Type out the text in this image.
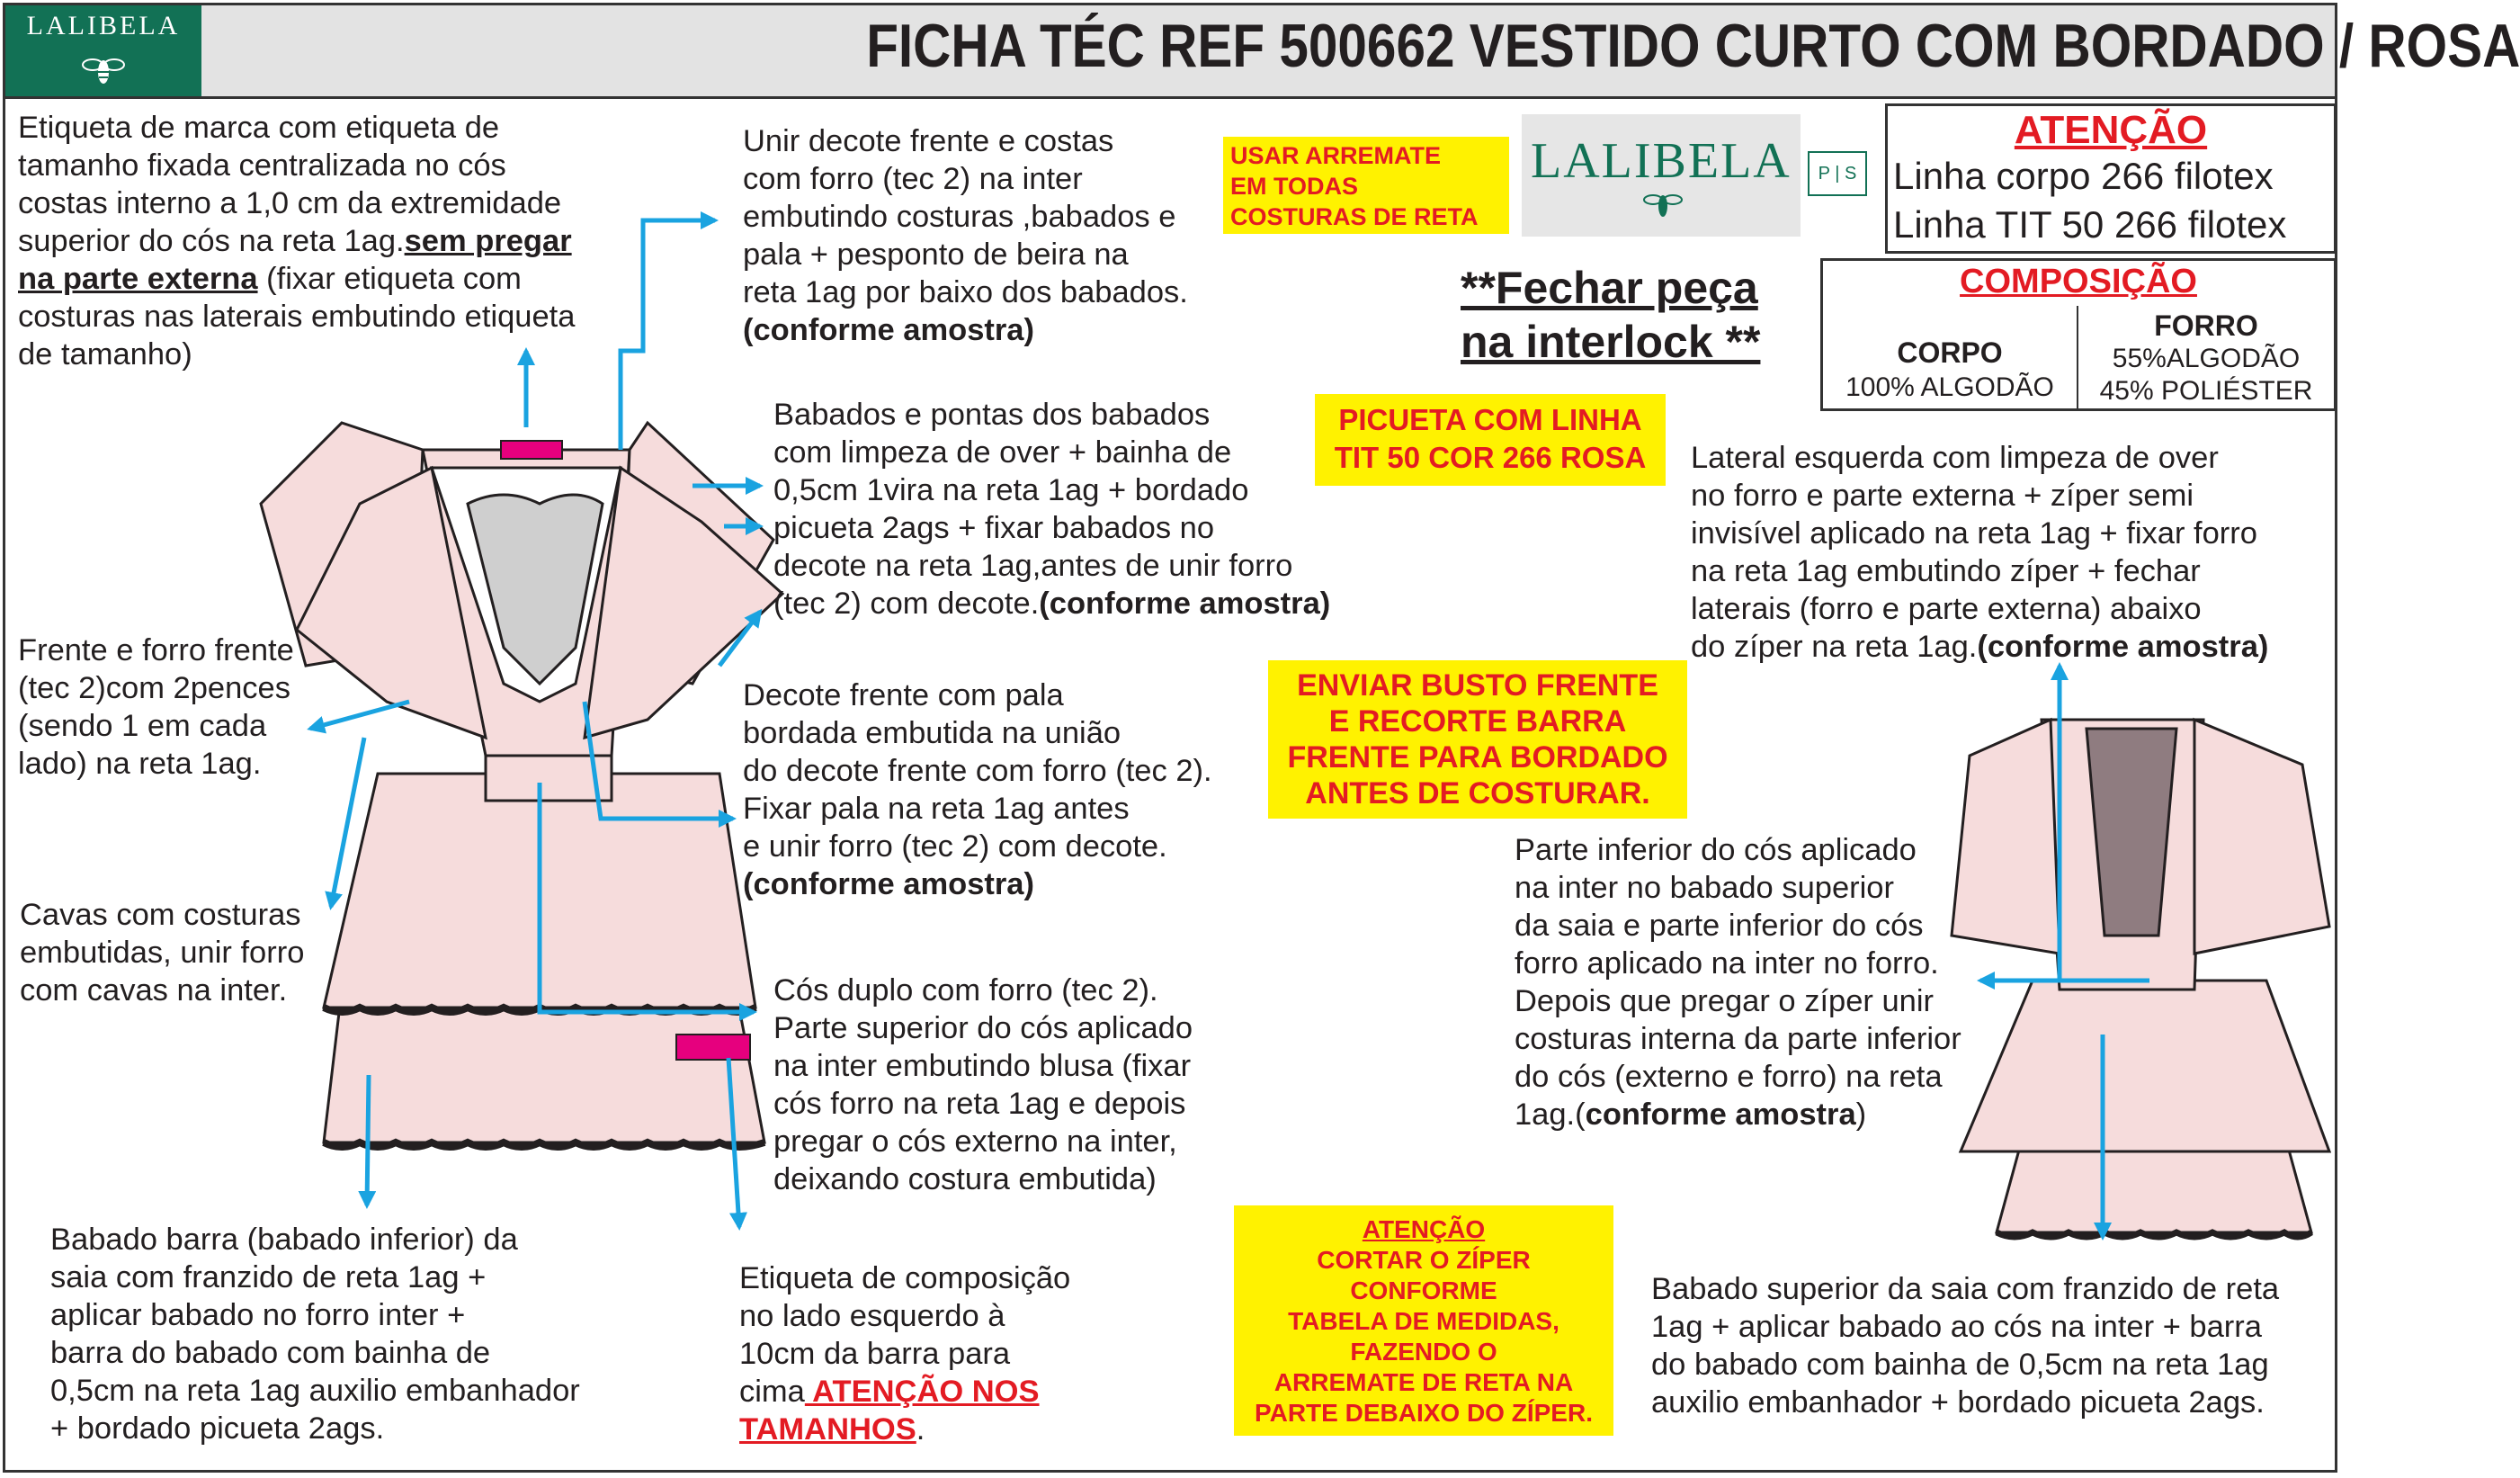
LALIBELA	FICHA TÉC REF 500662 VESTIDO CURTO COM BORDADO / ROSA
Etiqueta de marca com etiqueta de
tamanho fixada centralizada no cós
costas interno a 1,0 cm da extremidade
superior do cós na reta 1ag.sem pregar
na parte externa (fixar etiqueta com
costuras nas laterais embutindo etiqueta
de tamanho)
Unir decote frente e costas
com forro (tec 2) na inter
embutindo costuras ,babados e
pala + pesponto de beira na
reta 1ag por baixo dos babados.
(conforme amostra)
Babados e pontas dos babados
com limpeza de over + bainha de
0,5cm 1vira na reta 1ag + bordado
picueta 2ags + fixar babados no
decote na reta 1ag,antes de unir forro
(tec 2) com decote.(conforme amostra)
Frente e forro frente
(tec 2)com 2pences
(sendo 1 em cada
lado) na reta 1ag.
Decote frente com pala
bordada embutida na união
do decote frente com forro (tec 2).
Fixar pala na reta 1ag antes
e unir forro (tec 2) com decote.
(conforme amostra)
Cavas com costuras
embutidas, unir forro
com cavas na inter.	Cós duplo com forro (tec 2).
Parte superior do cós aplicado
na inter embutindo blusa (fixar
cós forro na reta 1ag e depois
pregar o cós externo na inter,
deixando costura embutida)
Babado barra (babado inferior) da
saia com franzido de reta 1ag +
aplicar babado no forro inter +
barra do babado com bainha de
0,5cm na reta 1ag auxilio embanhador
+ bordado picueta 2ags.
Etiqueta de composição
no lado esquerdo à
10cm da barra para
cima ATENÇÃO NOS
TAMANHOS.
Lateral esquerda com limpeza de over
no forro e parte externa + zíper semi
invisível aplicado na reta 1ag + fixar forro
na reta 1ag embutindo zíper + fechar
laterais (forro e parte externa) abaixo
do zíper na reta 1ag.(conforme amostra)
Parte inferior do cós aplicado
na inter no babado superior
da saia e parte inferior do cós
forro aplicado na inter no forro.
Depois que pregar o zíper unir
costuras interna da parte inferior
do cós (externo e forro) na reta
1ag.(conforme amostra)
Babado superior da saia com franzido de reta
1ag + aplicar babado ao cós na inter + barra
do babado com bainha de 0,5cm na reta 1ag
auxilio embanhador + bordado picueta 2ags.
USAR ARREMATE
EM TODAS
COSTURAS DE RETA
PICUETA COM LINHA
TIT 50 COR 266 ROSA
ENVIAR BUSTO FRENTE
E RECORTE BARRA
FRENTE PARA BORDADO
ANTES DE COSTURAR.
ATENÇÃO
CORTAR O ZÍPER
CONFORME
TABELA DE MEDIDAS,
FAZENDO O
ARREMATE DE RETA NA
PARTE DEBAIXO DO ZÍPER.
LALIBELA	P | S
**Fechar peça
na interlock **
ATENÇÃO
Linha corpo 266 filotex
Linha TIT 50 266 filotex
COMPOSIÇÃO
CORPO
100% ALGODÃO
FORRO
55%ALGODÃO
45% POLIÉSTER
